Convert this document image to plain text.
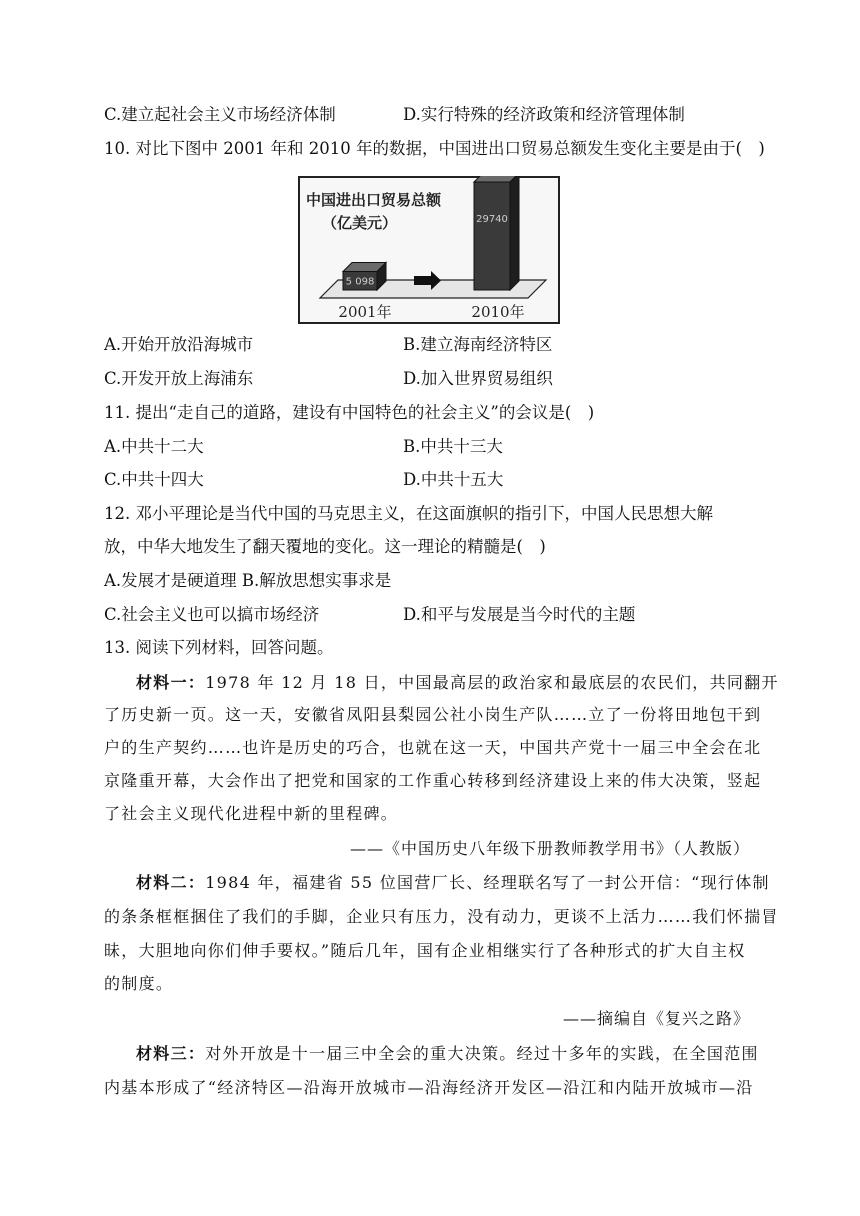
C.建立起社会主义市场经济体制	D.实行特殊的经济政策和经济管理体制
10. 对比下图中 2001 年和 2010 年的数据，中国进出口贸易总额发生变化主要是由于(　)
中国进出口贸易总额
（亿美元）
5 098
29740
2001年	2010年
A.开始开放沿海城市	B.建立海南经济特区
C.开发开放上海浦东	D.加入世界贸易组织
11. 提出“走自己的道路，建设有中国特色的社会主义”的会议是(　)
A.中共十二大	B.中共十三大
C.中共十四大	D.中共十五大
12. 邓小平理论是当代中国的马克思主义，在这面旗帜的指引下，中国人民思想大解
放，中华大地发生了翻天覆地的变化。这一理论的精髓是(　)
A.发展才是硬道理 B.解放思想实事求是
C.社会主义也可以搞市场经济	D.和平与发展是当今时代的主题
13. 阅读下列材料，回答问题。
材料一：1978 年 12 月 18 日，中国最高层的政治家和最底层的农民们，共同翻开
了历史新一页。这一天，安徽省凤阳县梨园公社小岗生产队……立了一份将田地包干到
户的生产契约……也许是历史的巧合，也就在这一天，中国共产党十一届三中全会在北
京隆重开幕，大会作出了把党和国家的工作重心转移到经济建设上来的伟大决策，竖起
了社会主义现代化进程中新的里程碑。
——《中国历史八年级下册教师教学用书》（人教版）
材料二：1984 年，福建省 55 位国营厂长、经理联名写了一封公开信：“现行体制
的条条框框捆住了我们的手脚，企业只有压力，没有动力，更谈不上活力……我们怀揣冒
昧，大胆地向你们伸手要权。”随后几年，国有企业相继实行了各种形式的扩大自主权
的制度。
——摘编自《复兴之路》
材料三：对外开放是十一届三中全会的重大决策。经过十多年的实践，在全国范围
内基本形成了“经济特区—沿海开放城市—沿海经济开发区—沿江和内陆开放城市—沿
